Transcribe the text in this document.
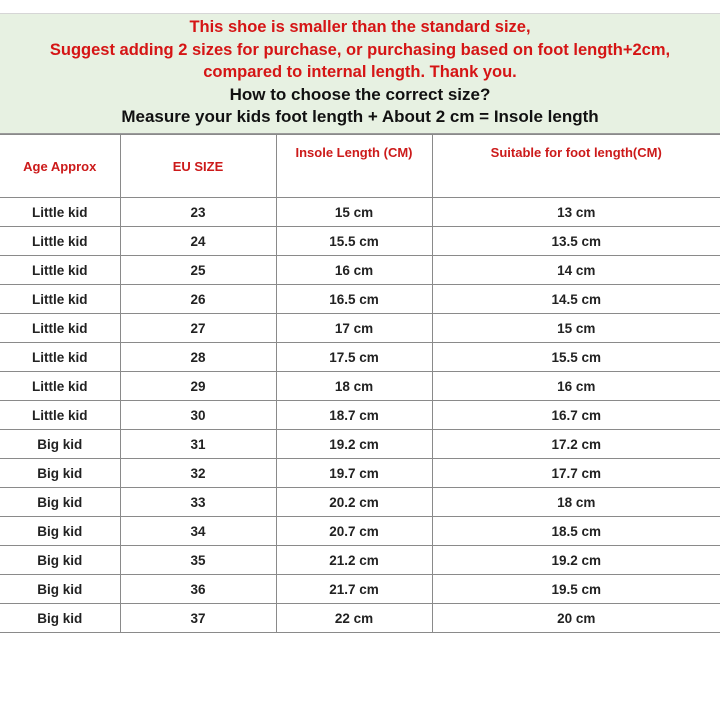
This shoe is smaller than the standard size,
Suggest adding 2 sizes for purchase, or purchasing based on foot length+2cm,
compared to internal length. Thank you.
How to choose the correct size?
Measure your kids foot length + About 2 cm = Insole length
Age Approx	EU SIZE	Insole Length (CM)	Suitable for foot length(CM)
Little kid	23	15 cm	13 cm
Little kid	24	15.5 cm	13.5 cm
Little kid	25	16 cm	14 cm
Little kid	26	16.5 cm	14.5 cm
Little kid	27	17 cm	15 cm
Little kid	28	17.5 cm	15.5 cm
Little kid	29	18 cm	16 cm
Little kid	30	18.7 cm	16.7 cm
Big kid	31	19.2 cm	17.2 cm
Big kid	32	19.7 cm	17.7 cm
Big kid	33	20.2 cm	18 cm
Big kid	34	20.7 cm	18.5 cm
Big kid	35	21.2 cm	19.2 cm
Big kid	36	21.7 cm	19.5 cm
Big kid	37	22 cm	20 cm
